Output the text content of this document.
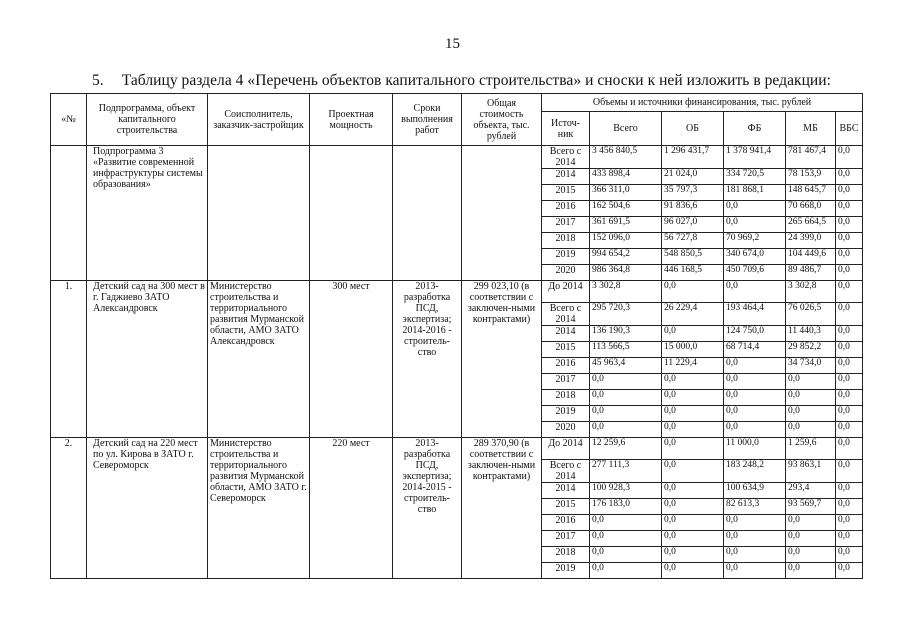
15
5. Таблицу раздела 4 «Перечень объектов капитального строительства» и сноски к ней изложить в редакции:
«№	Подпрограмма, объект капитального строительства	Соисполнитель, заказчик-застройщик	Проектная мощность	Сроки выполнения работ	Общая стоимость объекта, тыс. рублей	Объемы и источники финансирования, тыс. рублей					
						Источ-ник	Всего	ОБ	ФБ	МБ	ВБС
	Подпрограмма 3 «Развитие современной инфраструктуры системы образования»					Всего с 2014	3 456 840,5	1 296 431,7	1 378 941,4	781 467,4	0,0
						2014	433 898,4	21 024,0	334 720,5	78 153,9	0,0
						2015	366 311,0	35 797,3	181 868,1	148 645,7	0,0
						2016	162 504,6	91 836,6	0,0	70 668,0	0,0
						2017	361 691,5	96 027,0	0,0	265 664,5	0,0
						2018	152 096,0	56 727,8	70 969,2	24 399,0	0,0
						2019	994 654,2	548 850,5	340 674,0	104 449,6	0,0
						2020	986 364,8	446 168,5	450 709,6	89 486,7	0,0
1.	Детский сад на 300 мест в г. Гаджиево ЗАТО Александровск	Министерство строительства и территориального развития Мурманской области, АМО ЗАТО Александровск	300 мест	2013-разработка ПСД, экспертиза; 2014-2016 - строитель-ство	299 023,10 (в соответствии с заключен-ными контрактами)	До 2014	3 302,8	0,0	0,0	3 302,8	0,0
						Всего с 2014	295 720,3	26 229,4	193 464,4	76 026,5	0,0
						2014	136 190,3	0,0	124 750,0	11 440,3	0,0
						2015	113 566,5	15 000,0	68 714,4	29 852,2	0,0
						2016	45 963,4	11 229,4	0,0	34 734,0	0,0
						2017	0,0	0,0	0,0	0,0	0,0
						2018	0,0	0,0	0,0	0,0	0,0
						2019	0,0	0,0	0,0	0,0	0,0
						2020	0,0	0,0	0,0	0,0	0,0
2.	Детский сад на 220 мест по ул. Кирова в ЗАТО г. Североморск	Министерство строительства и территориального развития Мурманской области, АМО ЗАТО г. Североморск	220 мест	2013-разработка ПСД, экспертиза; 2014-2015 - строитель-ство	289 370,90 (в соответствии с заключен-ными контрактами)	До 2014	12 259,6	0,0	11 000,0	1 259,6	0,0
						Всего с 2014	277 111,3	0,0	183 248,2	93 863,1	0,0
						2014	100 928,3	0,0	100 634,9	293,4	0,0
						2015	176 183,0	0,0	82 613,3	93 569,7	0,0
						2016	0,0	0,0	0,0	0,0	0,0
						2017	0,0	0,0	0,0	0,0	0,0
						2018	0,0	0,0	0,0	0,0	0,0
						2019	0,0	0,0	0,0	0,0	0,0
